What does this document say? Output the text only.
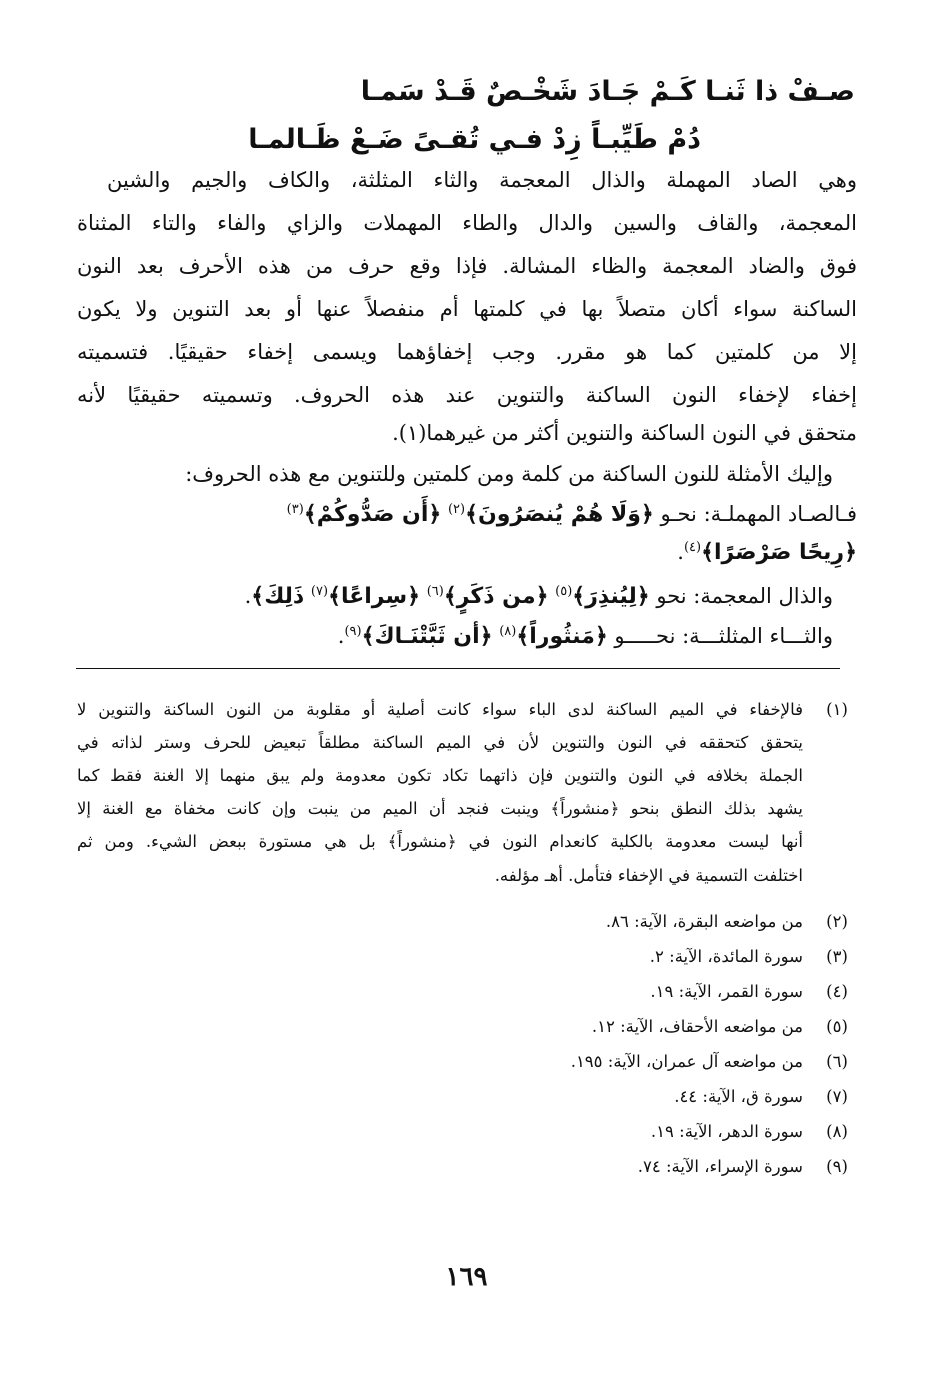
صـفْ ذا ثَنـا كَـمْ جَـادَ شَخْـصٌ قَـدْ سَمـا
دُمْ طَيِّبـاً زِدْ فـي تُقـىً ضَـعْ ظَـالمـا
وهي الصاد المهملة والذال المعجمة والثاء المثلثة، والكاف والجيم والشين
المعجمة، والقاف والسين والدال والطاء المهملات والزاي والفاء والتاء المثناة
فوق والضاد المعجمة والظاء المشالة. فإذا وقع حرف من هذه الأحرف بعد النون
الساكنة سواء أكان متصلاً بها في كلمتها أم منفصلاً عنها أو بعد التنوين ولا يكون
إلا من كلمتين كما هو مقرر. وجب إخفاؤهما ويسمى إخفاء حقيقيًا. فتسميته
إخفاء لإخفاء النون الساكنة والتنوين عند هذه الحروف. وتسميته حقيقيًا لأنه
متحقق في النون الساكنة والتنوين أكثر من غيرهما(١).
وإليك الأمثلة للنون الساكنة من كلمة ومن كلمتين وللتنوين مع هذه الحروف:
فـالصـاد المهملـة: نحـو ﴿وَلَا هُمْ يُنصَرُونَ﴾$^{(٢)}$ ﴿أَن صَدُّوكُمْ﴾$^{(٣)}$
﴿رِيحًا صَرْصَرًا﴾$^{(٤)}$.
والذال المعجمة: نحو ﴿لِيُنذِرَ﴾$^{(٥)}$ ﴿من ذَكَرٍ﴾$^{(٦)}$ ﴿سِراعًا﴾$^{(٧)}$ ذَلِكَ﴾.
والثـــاء المثلثـــة: نحـــــو ﴿مَنثُوراً﴾$^{(٨)}$ ﴿أن ثَبَّتْنَـاكَ﴾$^{(٩)}$.
(١)
فالإخفاء في الميم الساكنة لدى الباء سواء كانت أصلية أو مقلوبة من النون الساكنة والتنوين لا
يتحقق كتحققه في النون والتنوين لأن في الميم الساكنة مطلقاً تبعيض للحرف وستر لذاته في
الجملة بخلافه في النون والتنوين فإن ذاتهما تكاد تكون معدومة ولم يبق منهما إلا الغنة فقط كما
يشهد بذلك النطق بنحو ﴿منشوراً﴾ وينبت فنجد أن الميم من ينبت وإن كانت مخفاة مع الغنة إلا
أنها ليست معدومة بالكلية كانعدام النون في ﴿منشوراً﴾ بل هي مستورة ببعض الشيء. ومن ثم
اختلفت التسمية في الإخفاء فتأمل. أهـ مؤلفه.
(٢)
من مواضعه البقرة، الآية: ٨٦.
(٣)
سورة المائدة، الآية: ٢.
(٤)
سورة القمر، الآية: ١٩.
(٥)
من مواضعه الأحقاف، الآية: ١٢.
(٦)
من مواضعه آل عمران، الآية: ١٩٥.
(٧)
سورة ق، الآية: ٤٤.
(٨)
سورة الدهر، الآية: ١٩.
(٩)
سورة الإسراء، الآية: ٧٤.
١٦٩
